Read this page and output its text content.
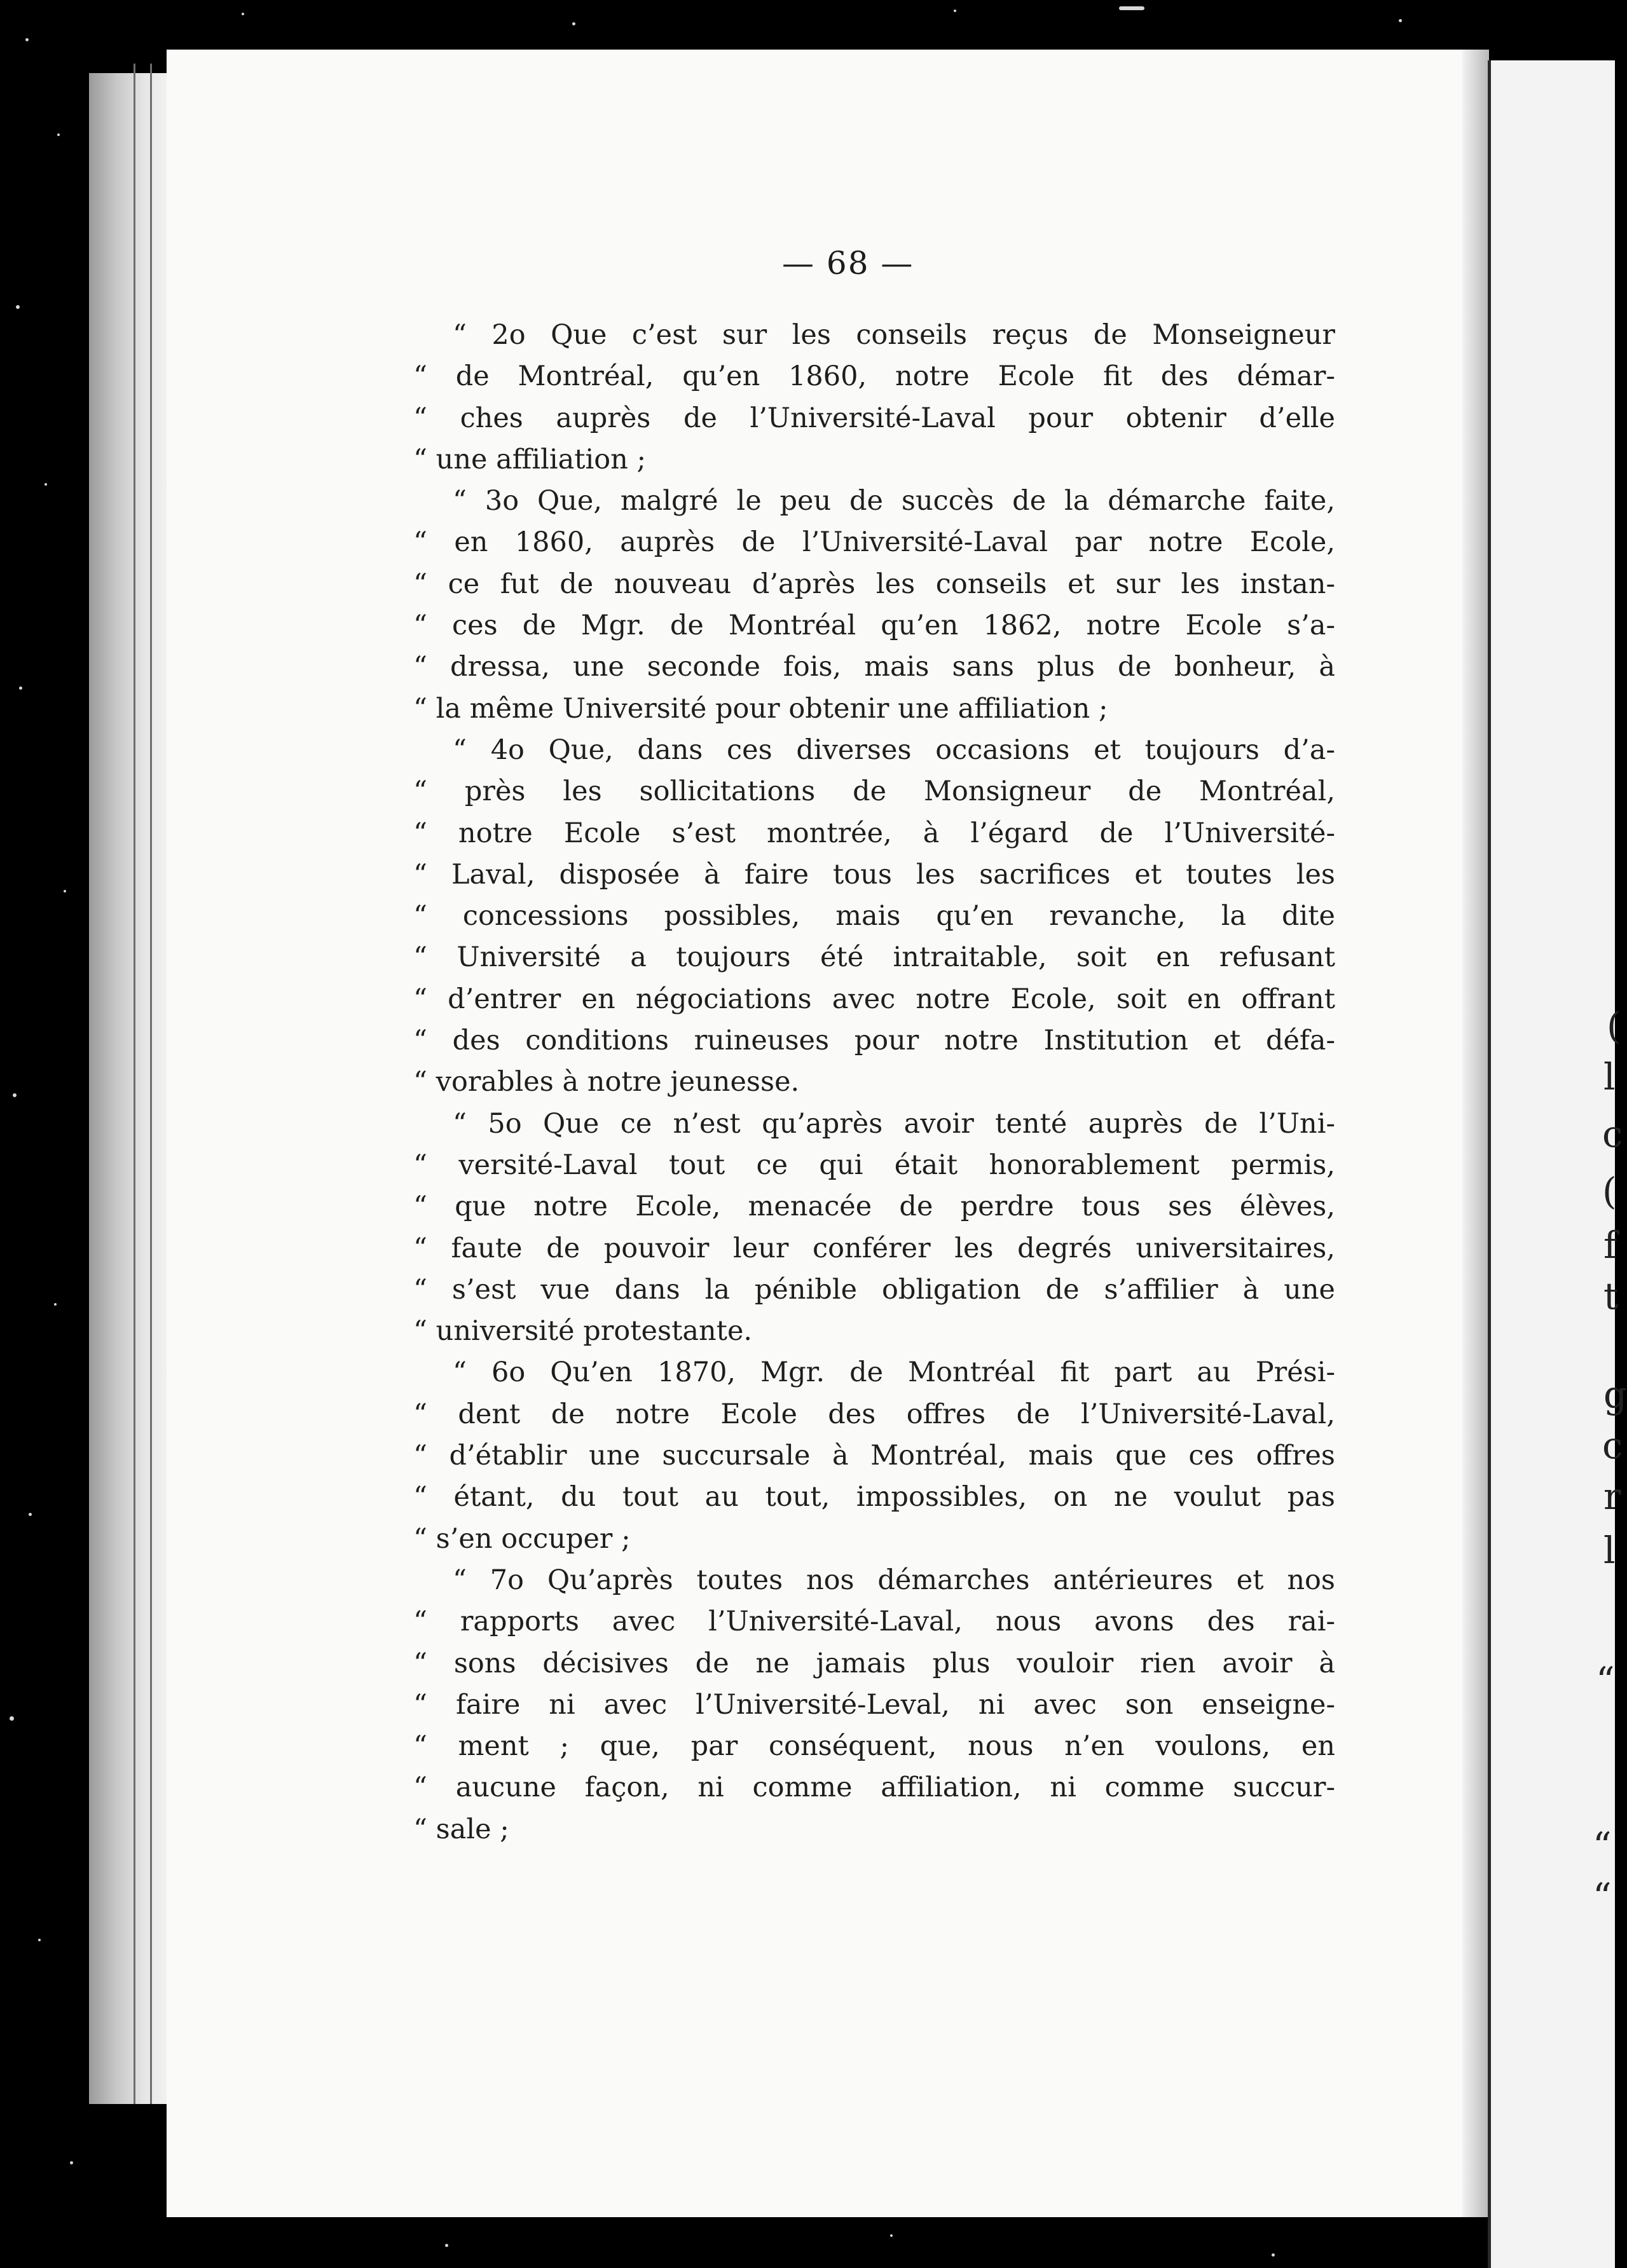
(
l
c
(
f
t
g
c
r
l
“
“
“
— 68 —
“ 2o Que c’est sur les conseils reçus de Monseigneur
“ de Montréal, qu’en 1860, notre Ecole fit des démar-
“ ches auprès de l’Université-Laval pour obtenir d’elle
“ une affiliation ;
“ 3o Que, malgré le peu de succès de la démarche faite,
“ en 1860, auprès de l’Université-Laval par notre Ecole,
“ ce fut de nouveau d’après les conseils et sur les instan-
“ ces de Mgr. de Montréal qu’en 1862, notre Ecole s’a-
“ dressa, une seconde fois, mais sans plus de bonheur, à
“ la même Université pour obtenir une affiliation ;
“ 4o Que, dans ces diverses occasions et toujours d’a-
“ près les sollicitations de Monsigneur de Montréal,
“ notre Ecole s’est montrée, à l’égard de l’Université-
“ Laval, disposée à faire tous les sacrifices et toutes les
“ concessions possibles, mais qu’en revanche, la dite
“ Université a toujours été intraitable, soit en refusant
“ d’entrer en négociations avec notre Ecole, soit en offrant
“ des conditions ruineuses pour notre Institution et défa-
“ vorables à notre jeunesse.
“ 5o Que ce n’est qu’après avoir tenté auprès de l’Uni-
“ versité-Laval tout ce qui était honorablement permis,
“ que notre Ecole, menacée de perdre tous ses élèves,
“ faute de pouvoir leur conférer les degrés universitaires,
“ s’est vue dans la pénible obligation de s’affilier à une
“ université protestante.
“ 6o Qu’en 1870, Mgr. de Montréal fit part au Prési-
“ dent de notre Ecole des offres de l’Université-Laval,
“ d’établir une succursale à Montréal, mais que ces offres
“ étant, du tout au tout, impossibles, on ne voulut pas
“ s’en occuper ;
“ 7o Qu’après toutes nos démarches antérieures et nos
“ rapports avec l’Université-Laval, nous avons des rai-
“ sons décisives de ne jamais plus vouloir rien avoir à
“ faire ni avec l’Université-Leval, ni avec son enseigne-
“ ment ; que, par conséquent, nous n’en voulons, en
“ aucune façon, ni comme affiliation, ni comme succur-
“ sale ;
